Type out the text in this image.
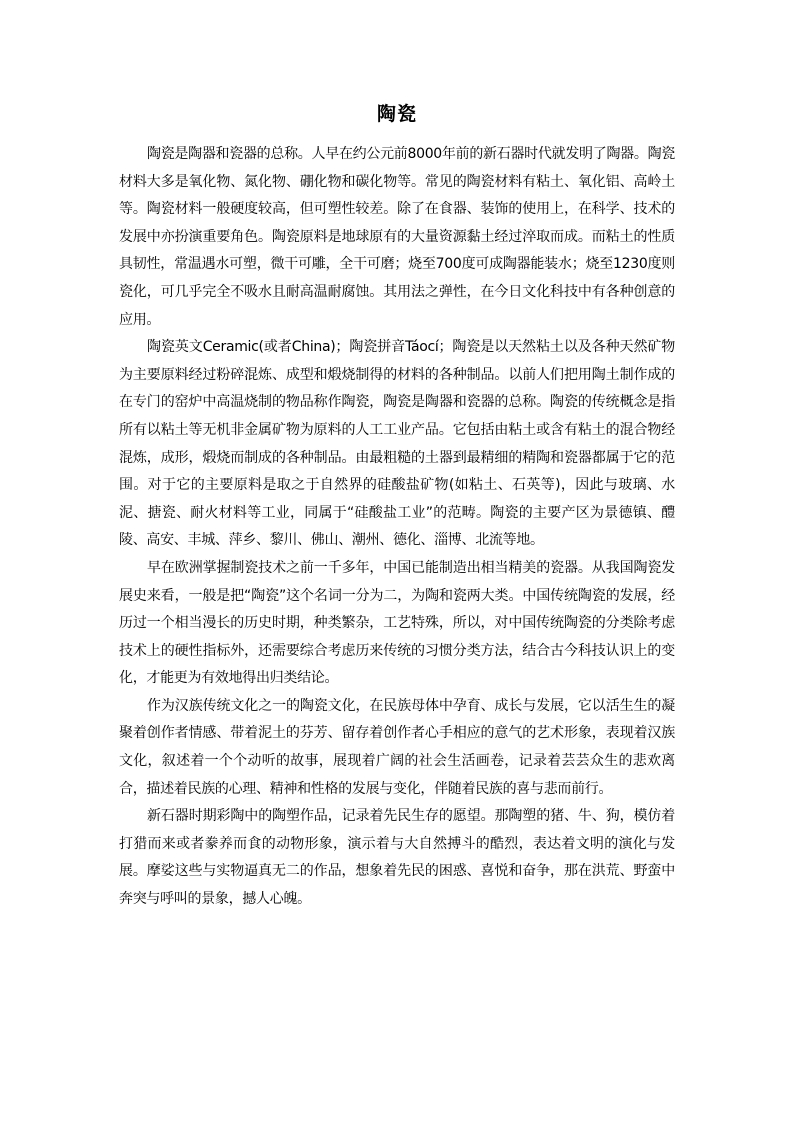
陶瓷

陶瓷是陶器和瓷器的总称。人早在约公元前8000年前的新石器时代就发明了陶器。陶瓷材料大多是氧化物、氮化物、硼化物和碳化物等。常见的陶瓷材料有粘土、氧化铝、高岭土等。陶瓷材料一般硬度较高，但可塑性较差。除了在食器、装饰的使用上，在科学、技术的发展中亦扮演重要角色。陶瓷原料是地球原有的大量资源黏土经过淬取而成。而粘土的性质具韧性，常温遇水可塑，微干可雕，全干可磨；烧至700度可成陶器能装水；烧至1230度则瓷化，可几乎完全不吸水且耐高温耐腐蚀。其用法之弹性，在今日文化科技中有各种创意的应用。

陶瓷英文Ceramic(或者China)；陶瓷拼音Táocí；陶瓷是以天然粘土以及各种天然矿物为主要原料经过粉碎混炼、成型和煅烧制得的材料的各种制品。以前人们把用陶土制作成的在专门的窑炉中高温烧制的物品称作陶瓷，陶瓷是陶器和瓷器的总称。陶瓷的传统概念是指所有以粘土等无机非金属矿物为原料的人工工业产品。它包括由粘土或含有粘土的混合物经混炼，成形，煅烧而制成的各种制品。由最粗糙的土器到最精细的精陶和瓷器都属于它的范围。对于它的主要原料是取之于自然界的硅酸盐矿物(如粘土、石英等)，因此与玻璃、水泥、搪瓷、耐火材料等工业，同属于“硅酸盐工业”的范畴。陶瓷的主要产区为景德镇、醴陵、高安、丰城、萍乡、黎川、佛山、潮州、德化、淄博、北流等地。

早在欧洲掌握制瓷技术之前一千多年，中国已能制造出相当精美的瓷器。从我国陶瓷发展史来看，一般是把“陶瓷”这个名词一分为二，为陶和瓷两大类。中国传统陶瓷的发展，经历过一个相当漫长的历史时期，种类繁杂，工艺特殊，所以，对中国传统陶瓷的分类除考虑技术上的硬性指标外，还需要综合考虑历来传统的习惯分类方法，结合古今科技认识上的变化，才能更为有效地得出归类结论。

作为汉族传统文化之一的陶瓷文化，在民族母体中孕育、成长与发展，它以活生生的凝聚着创作者情感、带着泥土的芬芳、留存着创作者心手相应的意气的艺术形象，表现着汉族文化，叙述着一个个动听的故事，展现着广阔的社会生活画卷，记录着芸芸众生的悲欢离合，描述着民族的心理、精神和性格的发展与变化，伴随着民族的喜与悲而前行。

新石器时期彩陶中的陶塑作品，记录着先民生存的愿望。那陶塑的猪、牛、狗，模仿着打猎而来或者豢养而食的动物形象，演示着与大自然搏斗的酷烈，表达着文明的演化与发展。摩娑这些与实物逼真无二的作品，想象着先民的困惑、喜悦和奋争，那在洪荒、野蛮中奔突与呼叫的景象，撼人心魄。
